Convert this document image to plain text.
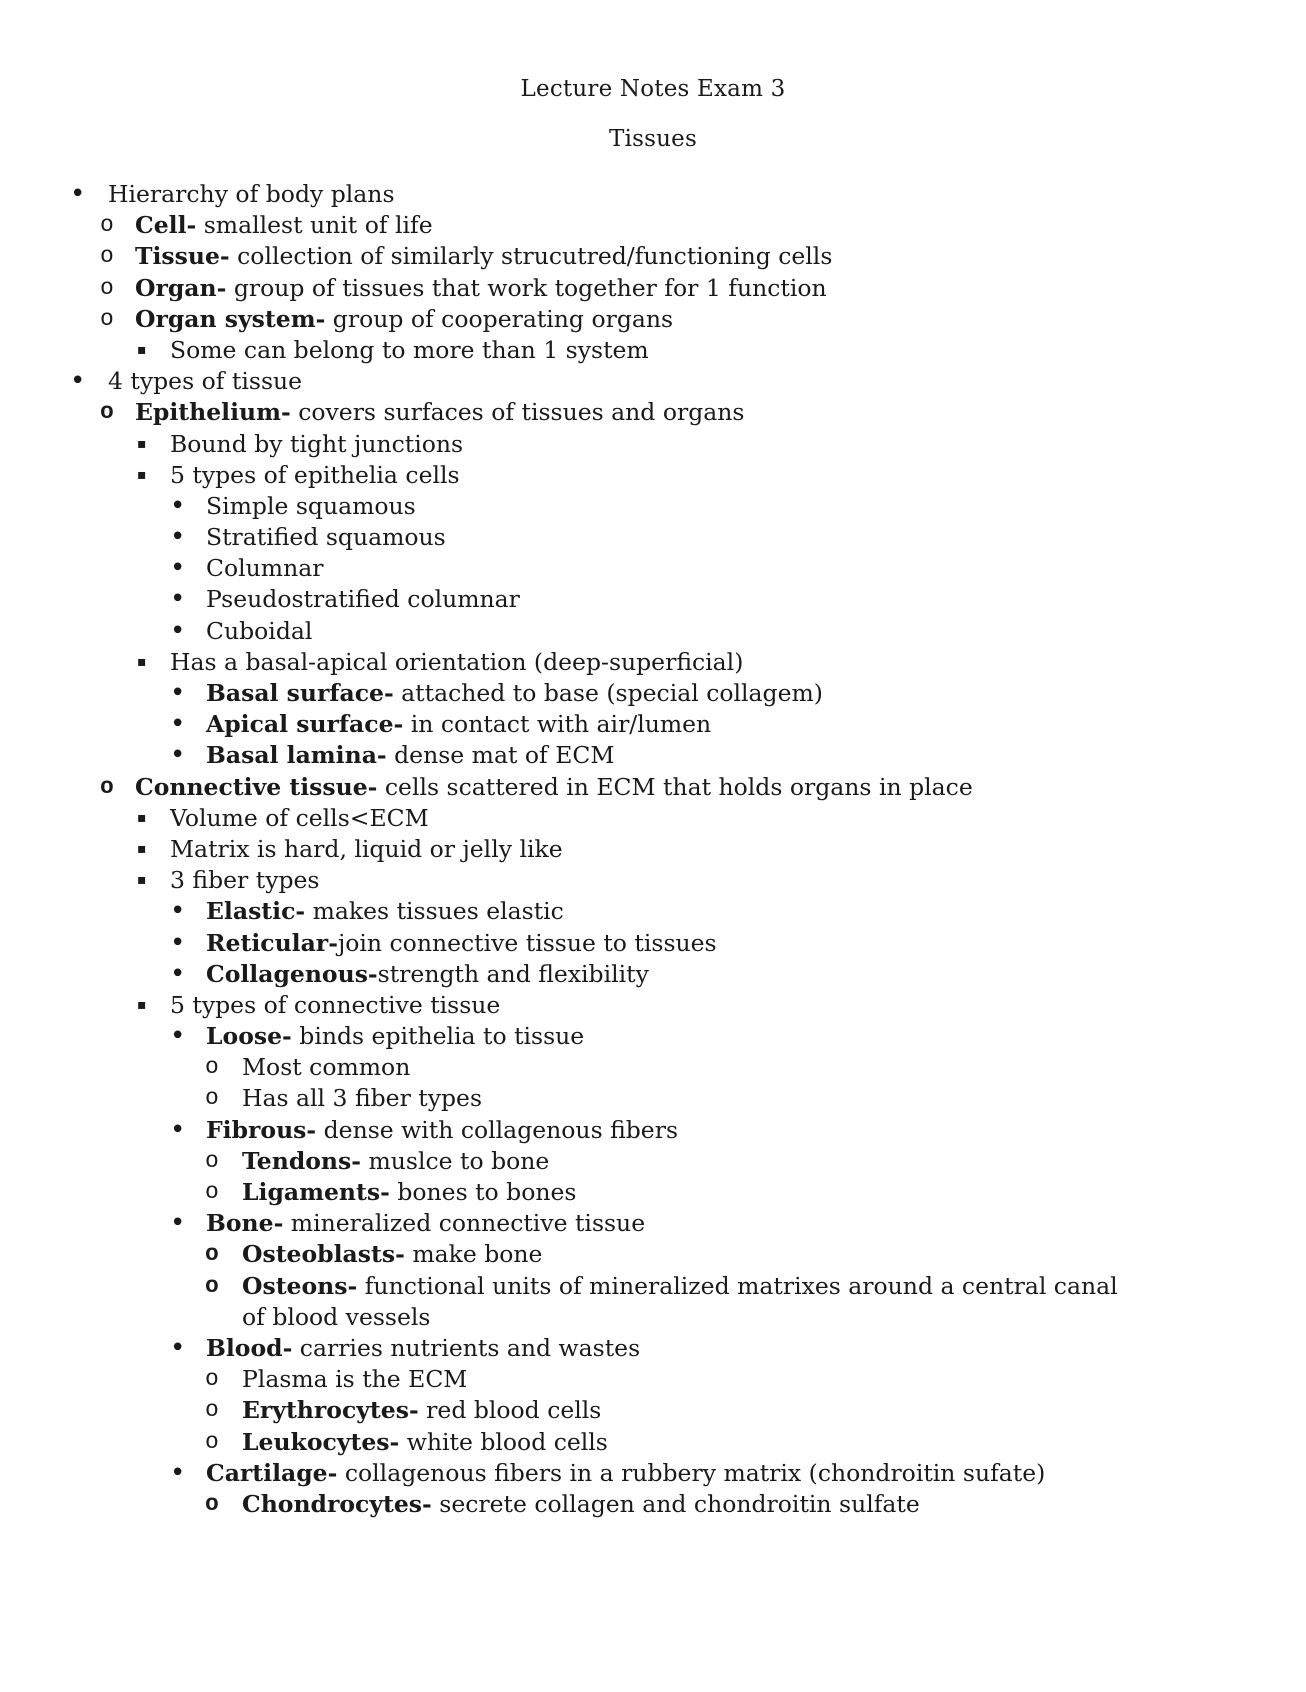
Lecture Notes Exam 3
Tissues
• Hierarchy of body plans
o Cell- smallest unit of life
o Tissue- collection of similarly strucutred/functioning cells
o Organ- group of tissues that work together for 1 function
o Organ system- group of cooperating organs
▪ Some can belong to more than 1 system
• 4 types of tissue
o Epithelium- covers surfaces of tissues and organs
▪ Bound by tight junctions
▪ 5 types of epithelia cells
• Simple squamous
• Stratified squamous
• Columnar
• Pseudostratified columnar
• Cuboidal
▪ Has a basal-apical orientation (deep-superficial)
• Basal surface- attached to base (special collagem)
• Apical surface- in contact with air/lumen
• Basal lamina- dense mat of ECM
o Connective tissue- cells scattered in ECM that holds organs in place
▪ Volume of cells<ECM
▪ Matrix is hard, liquid or jelly like
▪ 3 fiber types
• Elastic- makes tissues elastic
• Reticular-join connective tissue to tissues
• Collagenous-strength and flexibility
▪ 5 types of connective tissue
• Loose- binds epithelia to tissue
o Most common
o Has all 3 fiber types
• Fibrous- dense with collagenous fibers
o Tendons- muslce to bone
o Ligaments- bones to bones
• Bone- mineralized connective tissue
o Osteoblasts- make bone
o Osteons- functional units of mineralized matrixes around a central canal
of blood vessels
• Blood- carries nutrients and wastes
o Plasma is the ECM
o Erythrocytes- red blood cells
o Leukocytes- white blood cells
• Cartilage- collagenous fibers in a rubbery matrix (chondroitin sufate)
o Chondrocytes- secrete collagen and chondroitin sulfate
